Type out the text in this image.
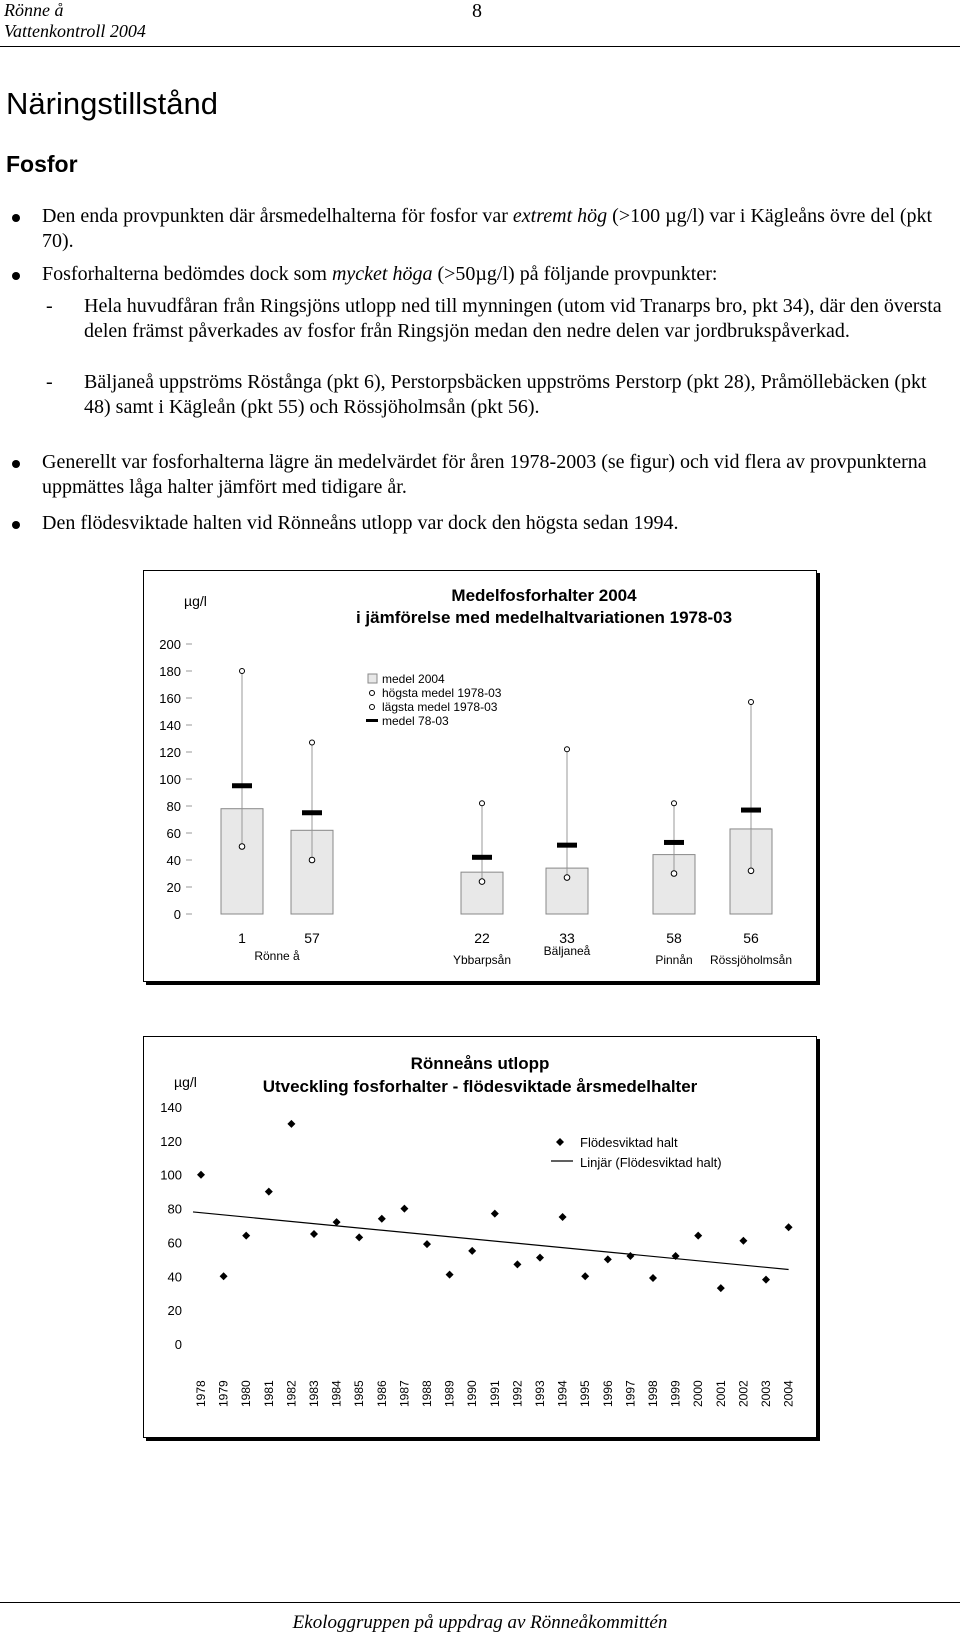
Rönne å
Vattenkontroll 2004
8
Näringstillstånd
Fosfor
Den enda provpunkten där årsmedelhalterna för fosfor var extremt hög (>100 µg/l) var i Kägleåns övre del (pkt 70).
Fosforhalterna bedömdes dock som mycket höga (>50µg/l) på följande provpunkter:
- Hela huvudfåran från Ringsjöns utlopp ned till mynningen (utom vid Tranarps bro, pkt 34), där den översta delen främst påverkades av fosfor från Ringsjön medan den nedre delen var jordbrukspåverkad.
- Bäljaneå uppströms Röstånga (pkt 6), Perstorpsbäcken uppströms Perstorp (pkt 28), Pråmöllebäcken (pkt 48) samt i Kägleån (pkt 55) och Rössjöholmsån (pkt 56).
Generellt var fosforhalterna lägre än medelvärdet för åren 1978-2003 (se figur) och vid flera av provpunkterna uppmättes låga halter jämfört med tidigare år.
Den flödesviktade halten vid Rönneåns utlopp var dock den högsta sedan 1994.
Medelfosforhalter 2004
i jämförelse med medelhaltvariationen 1978-03
µg/l
medel 2004
högsta medel 1978-03
lägsta medel 1978-03
medel 78-03
0
20
40
60
80
100
120
140
160
180
200
1	57	22	33	58	56
Rönne å	Ybbarpsån
Bäljaneå
Pinnån Rössjöholmsån
Rönneåns utlopp
Utveckling fosforhalter - flödesviktade årsmedelhalter
µg/l
Flödesviktad halt
Linjär (Flödesviktad halt)
0
20
40
60
80
100
120
140
1978 1979 1980 1981 1982 1983 1984 1985 1986 1987 1988 1989 1990 1991 1992 1993 1994 1995 1996 1997 1998 1999 2000 2001 2002 2003 2004
Ekologgruppen på uppdrag av Rönneåkommittén
